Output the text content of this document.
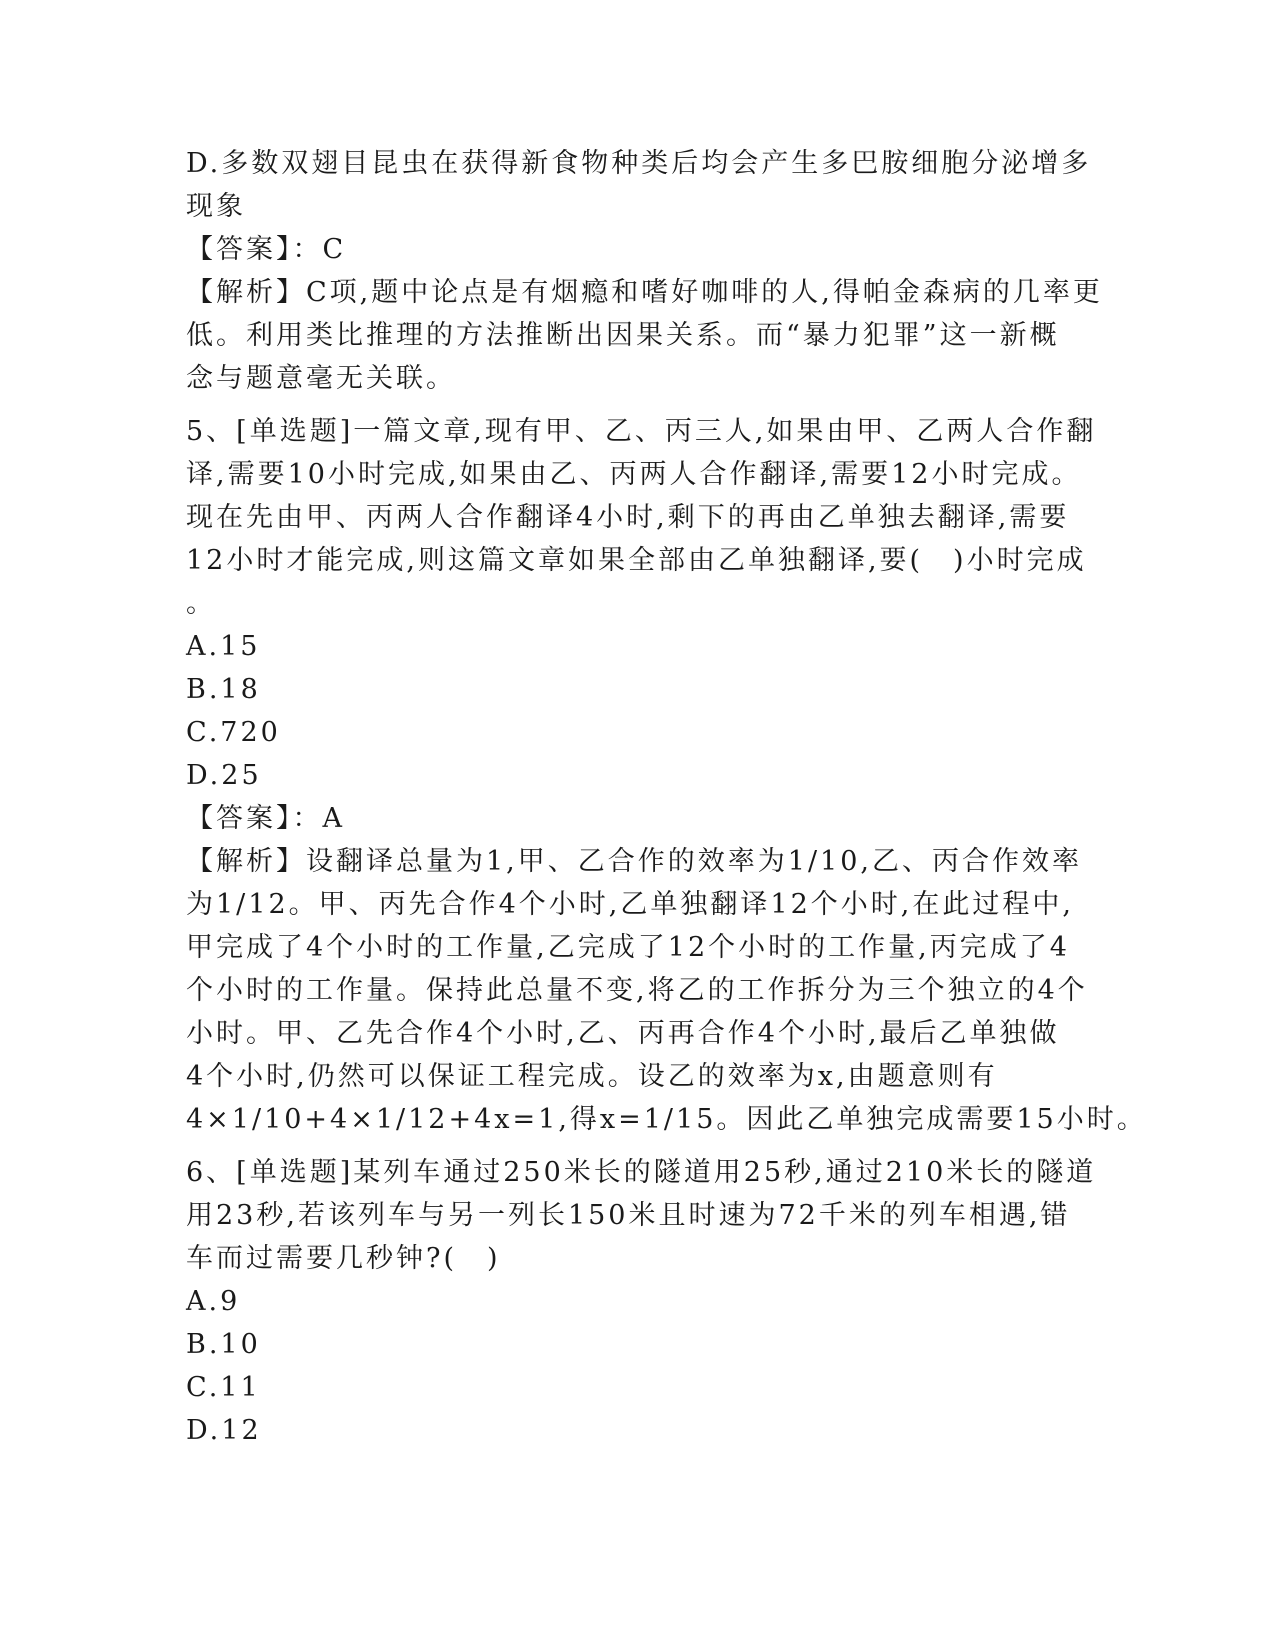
D.多数双翅目昆虫在获得新食物种类后均会产生多巴胺细胞分泌增多

现象

【答案】：C

【解析】C项,题中论点是有烟瘾和嗜好咖啡的人,得帕金森病的几率更

低。利用类比推理的方法推断出因果关系。而“暴力犯罪”这一新概

念与题意毫无关联。

5、[单选题]一篇文章,现有甲、乙、丙三人,如果由甲、乙两人合作翻

译,需要10小时完成,如果由乙、丙两人合作翻译,需要12小时完成。

现在先由甲、丙两人合作翻译4小时,剩下的再由乙单独去翻译,需要

12小时才能完成,则这篇文章如果全部由乙单独翻译,要(　)小时完成

。

A.15

B.18

C.720

D.25

【答案】：A

【解析】设翻译总量为1,甲、乙合作的效率为1/10,乙、丙合作效率

为1/12。甲、丙先合作4个小时,乙单独翻译12个小时,在此过程中,

甲完成了4个小时的工作量,乙完成了12个小时的工作量,丙完成了4

个小时的工作量。保持此总量不变,将乙的工作拆分为三个独立的4个

小时。甲、乙先合作4个小时,乙、丙再合作4个小时,最后乙单独做

4个小时,仍然可以保证工程完成。设乙的效率为x,由题意则有

4×1/10+4×1/12+4x=1,得x=1/15。因此乙单独完成需要15小时。

6、[单选题]某列车通过250米长的隧道用25秒,通过210米长的隧道

用23秒,若该列车与另一列长150米且时速为72千米的列车相遇,错

车而过需要几秒钟?(　)

A.9

B.10

C.11

D.12
